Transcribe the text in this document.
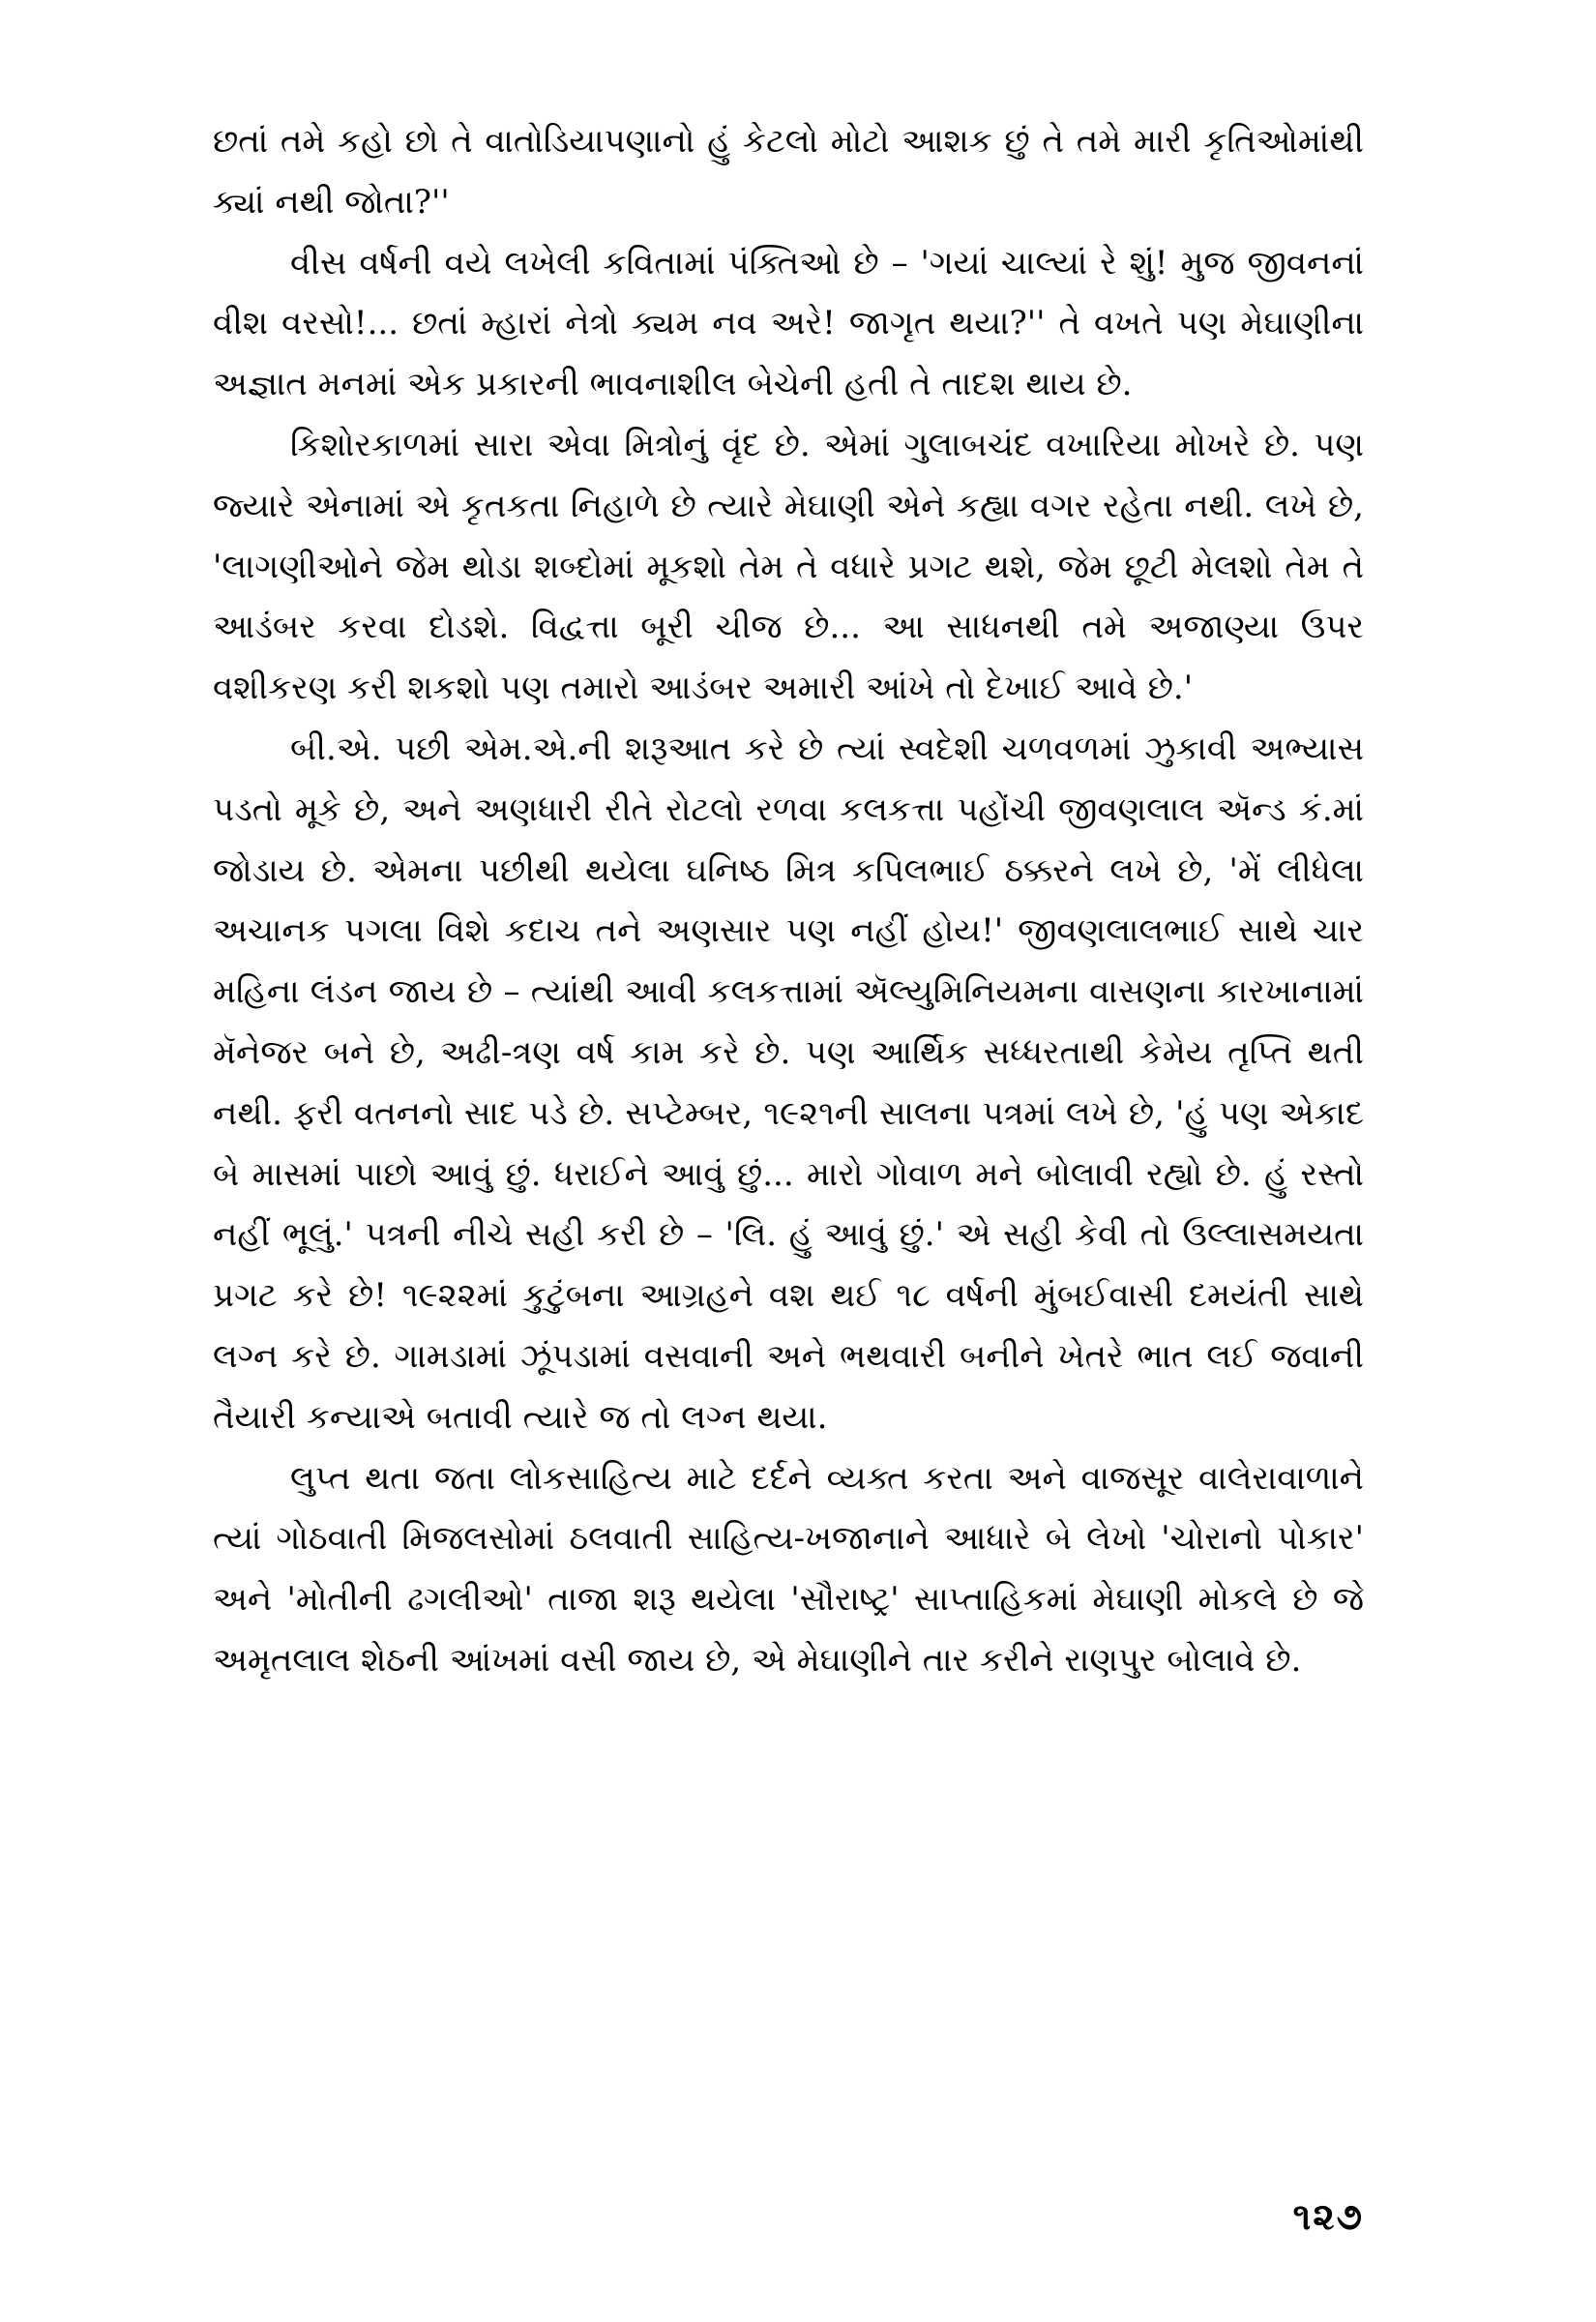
છતાં તમે કહો છો તે વાતોડિયાપણાનો હું કેટલો મોટો આશક છું તે તમે મારી કૃતિઓમાંથી ક્યાં નથી જોતા?''

વીસ વર્ષની વયે લખેલી કવિતામાં પંક્તિઓ છે – 'ગયાં ચાલ્યાં રે શું! મુજ જીવનનાં વીશ વરસો!... છતાં મ્હારાં નેત્રો ક્યમ નવ અરે! જાગૃત થયા?'' તે વખતે પણ મેઘાણીના અજ્ઞાત મનમાં એક પ્રકારની ભાવનાશીલ બેચેની હતી તે તાદશ થાય છે.

કિશોરકાળમાં સારા એવા મિત્રોનું વૃંદ છે. એમાં ગુલાબચંદ વખારિયા મોખરે છે. પણ જ્યારે એનામાં એ કૃતકતા નિહાળે છે ત્યારે મેઘાણી એને કહ્યા વગર રહેતા નથી. લખે છે, 'લાગણીઓને જેમ થોડા શબ્દોમાં મૂકશો તેમ તે વધારે પ્રગટ થશે, જેમ છૂટી મેલશો તેમ તે આડંબર કરવા દોડશે. વિદ્વત્તા બૂરી ચીજ છે... આ સાધનથી તમે અજાણ્યા ઉપર વશીકરણ કરી શકશો પણ તમારો આડંબર અમારી આંખે તો દેખાઈ આવે છે.'

બી.એ. પછી એમ.એ.ની શરૂઆત કરે છે ત્યાં સ્વદેશી ચળવળમાં ઝુકાવી અભ્યાસ પડતો મૂકે છે, અને અણધારી રીતે રોટલો રળવા કલકત્તા પહોંચી જીવણલાલ ઍન્ડ કં.માં જોડાય છે. એમના પછીથી થયેલા ઘનિષ્ઠ મિત્ર કપિલભાઈ ઠક્કરને લખે છે, 'મેં લીધેલા અચાનક પગલા વિશે કદાચ તને અણસાર પણ નહીં હોય!' જીવણલાલભાઈ સાથે ચાર મહિના લંડન જાય છે – ત્યાંથી આવી કલકત્તામાં ઍલ્યુમિનિયમના વાસણના કારખાનામાં મૅનેજર બને છે, અઢી-ત્રણ વર્ષ કામ કરે છે. પણ આર્થિક સધ્ધરતાથી કેમેય તૃપ્તિ થતી નથી. ફરી વતનનો સાદ પડે છે. સપ્ટેમ્બર, ૧૯૨૧ની સાલના પત્રમાં લખે છે, 'હું પણ એકાદ બે માસમાં પાછો આવું છું. ધરાઈને આવું છું... મારો ગોવાળ મને બોલાવી રહ્યો છે. હું રસ્તો નહીં ભૂલું.' પત્રની નીચે સહી કરી છે – 'લિ. હું આવું છું.' એ સહી કેવી તો ઉલ્લાસમયતા પ્રગટ કરે છે! ૧૯૨૨માં કુટુંબના આગ્રહને વશ થઈ ૧૮ વર્ષની મુંબઈવાસી દમયંતી સાથે લગ્ન કરે છે. ગામડામાં ઝૂંપડામાં વસવાની અને ભથવારી બનીને ખેતરે ભાત લઈ જવાની તૈયારી કન્યાએ બતાવી ત્યારે જ તો લગ્ન થયા.

લુપ્ત થતા જતા લોકસાહિત્ય માટે દર્દને વ્યક્ત કરતા અને વાજસૂર વાલેરાવાળાને ત્યાં ગોઠવાતી મિજલસોમાં ઠલવાતી સાહિત્ય-ખજાનાને આધારે બે લેખો 'ચોરાનો પોકાર' અને 'મોતીની ઢગલીઓ' તાજા શરૂ થયેલા 'સૌરાષ્ટ્ર' સાપ્તાહિકમાં મેઘાણી મોકલે છે જે અમૃતલાલ શેઠની આંખમાં વસી જાય છે, એ મેઘાણીને તાર કરીને રાણપુર બોલાવે છે.

૧૨૭
